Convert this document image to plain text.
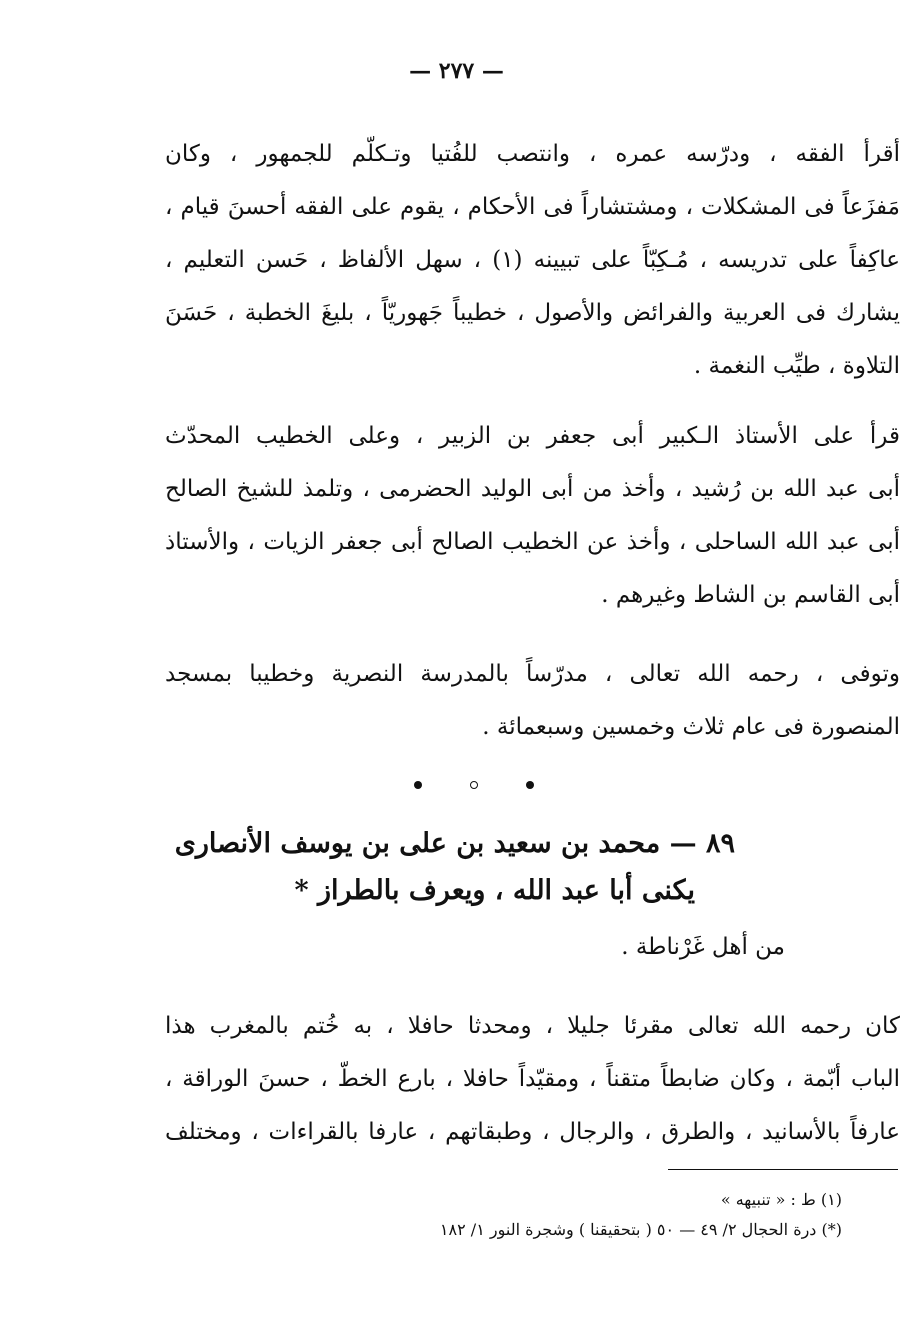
— ٢٧٧ —
أقرأ الفقه ، ودرّسه عمره ، وانتصب للفُتيا وتـكلّم للجمهور ، وكان
مَفزَعاً فى المشكلات ، ومشتشاراً فى الأحكام ، يقوم على الفقه أحسنَ قيام ،
عاكِفاً على تدريسه ، مُـكِبّاً على تبيينه (١) ، سهل الألفاظ ، حَسن التعليم ،
يشارك فى العربية والفرائض والأصول ، خطيباً جَهوريّاً ، بليغَ الخطبة ، حَسَنَ
التلاوة ، طيِّب النغمة .
قرأ على الأستاذ الـكبير أبى جعفر بن الزبير ، وعلى الخطيب المحدّث
أبى عبد الله بن رُشيد ، وأخذ من أبى الوليد الحضرمى ، وتلمذ للشيخ الصالح
أبى عبد الله الساحلى ، وأخذ عن الخطيب الصالح أبى جعفر الزيات ، والأستاذ
أبى القاسم بن الشاط وغيرهم .
وتوفى ، رحمه الله تعالى ، مدرّساً بالمدرسة النصرية وخطيبا بمسجد
المنصورة فى عام ثلاث وخمسين وسبعمائة .
٨٩ — محمد بن سعيد بن على بن يوسف الأنصارى
يكنى أبا عبد الله ، ويعرف بالطراز *
من أهل غَرْناطة .
كان رحمه الله تعالى مقرئا جليلا ، ومحدثا حافلا ، به خُتم بالمغرب هذا
الباب أبّمة ، وكان ضابطاً متقناً ، ومقيّداً حافلا ، بارع الخطّ ، حسنَ الوراقة ،
عارفاً بالأسانيد ، والطرق ، والرجال ، وطبقاتهم ، عارفا بالقراءات ، ومختلف
(١) ط : « تنبيهه »
(*) درة الحجال ٢/ ٤٩ — ٥٠ ( بتحقيقنا ) وشجرة النور ١/ ١٨٢
